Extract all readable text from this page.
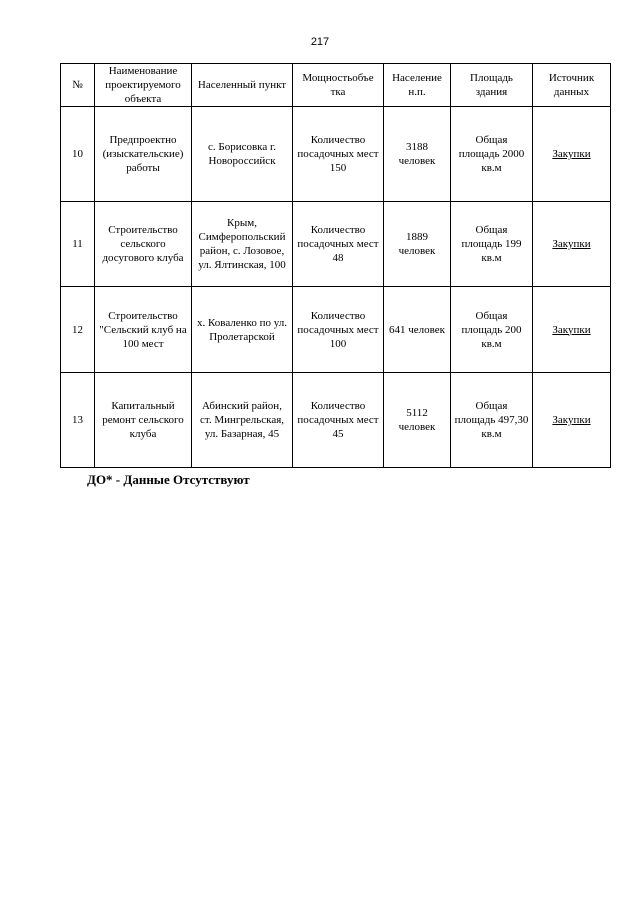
217
№	Наименование проектируемого объекта	Населенный пункт	Мощностьобъе тка	Население н.п.	Площадь здания	Источник данных
10	Предпроектно (изыскательские) работы	с. Борисовка г. Новороссийск	Количество посадочных мест 150	3188 человек	Общая площадь 2000 кв.м	Закупки
11	Строительство сельского досугового клуба	Крым, Симферопольский район, с. Лозовое, ул. Ялтинская, 100	Количество посадочных мест 48	1889 человек	Общая площадь 199 кв.м	Закупки
12	Строительство "Сельский клуб на 100 мест	х. Коваленко по ул. Пролетарской	Количество посадочных мест 100	641 человек	Общая площадь 200 кв.м	Закупки
13	Капитальный ремонт сельского клуба	Абинский район, ст. Мингрельская, ул. Базарная, 45	Количество посадочных мест 45	5112 человек	Общая площадь 497,30 кв.м	Закупки
ДО* - Данные Отсутствуют
